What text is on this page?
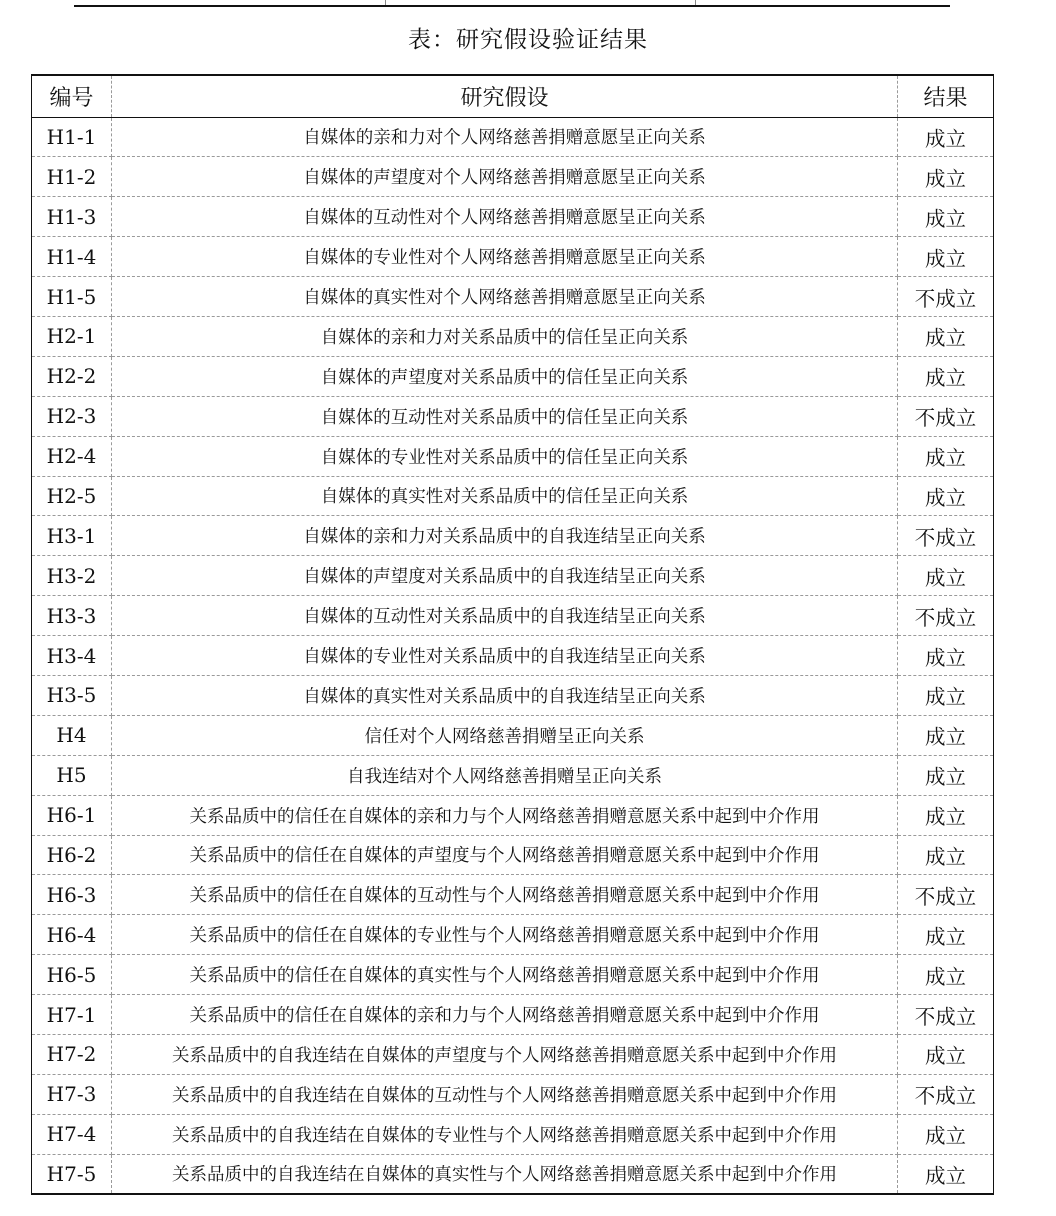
表：研究假设验证结果
编号	研究假设	结果
H1-1	自媒体的亲和力对个人网络慈善捐赠意愿呈正向关系	成立
H1-2	自媒体的声望度对个人网络慈善捐赠意愿呈正向关系	成立
H1-3	自媒体的互动性对个人网络慈善捐赠意愿呈正向关系	成立
H1-4	自媒体的专业性对个人网络慈善捐赠意愿呈正向关系	成立
H1-5	自媒体的真实性对个人网络慈善捐赠意愿呈正向关系	不成立
H2-1	自媒体的亲和力对关系品质中的信任呈正向关系	成立
H2-2	自媒体的声望度对关系品质中的信任呈正向关系	成立
H2-3	自媒体的互动性对关系品质中的信任呈正向关系	不成立
H2-4	自媒体的专业性对关系品质中的信任呈正向关系	成立
H2-5	自媒体的真实性对关系品质中的信任呈正向关系	成立
H3-1	自媒体的亲和力对关系品质中的自我连结呈正向关系	不成立
H3-2	自媒体的声望度对关系品质中的自我连结呈正向关系	成立
H3-3	自媒体的互动性对关系品质中的自我连结呈正向关系	不成立
H3-4	自媒体的专业性对关系品质中的自我连结呈正向关系	成立
H3-5	自媒体的真实性对关系品质中的自我连结呈正向关系	成立
H4	信任对个人网络慈善捐赠呈正向关系	成立
H5	自我连结对个人网络慈善捐赠呈正向关系	成立
H6-1	关系品质中的信任在自媒体的亲和力与个人网络慈善捐赠意愿关系中起到中介作用	成立
H6-2	关系品质中的信任在自媒体的声望度与个人网络慈善捐赠意愿关系中起到中介作用	成立
H6-3	关系品质中的信任在自媒体的互动性与个人网络慈善捐赠意愿关系中起到中介作用	不成立
H6-4	关系品质中的信任在自媒体的专业性与个人网络慈善捐赠意愿关系中起到中介作用	成立
H6-5	关系品质中的信任在自媒体的真实性与个人网络慈善捐赠意愿关系中起到中介作用	成立
H7-1	关系品质中的信任在自媒体的亲和力与个人网络慈善捐赠意愿关系中起到中介作用	不成立
H7-2	关系品质中的自我连结在自媒体的声望度与个人网络慈善捐赠意愿关系中起到中介作用	成立
H7-3	关系品质中的自我连结在自媒体的互动性与个人网络慈善捐赠意愿关系中起到中介作用	不成立
H7-4	关系品质中的自我连结在自媒体的专业性与个人网络慈善捐赠意愿关系中起到中介作用	成立
H7-5	关系品质中的自我连结在自媒体的真实性与个人网络慈善捐赠意愿关系中起到中介作用	成立
